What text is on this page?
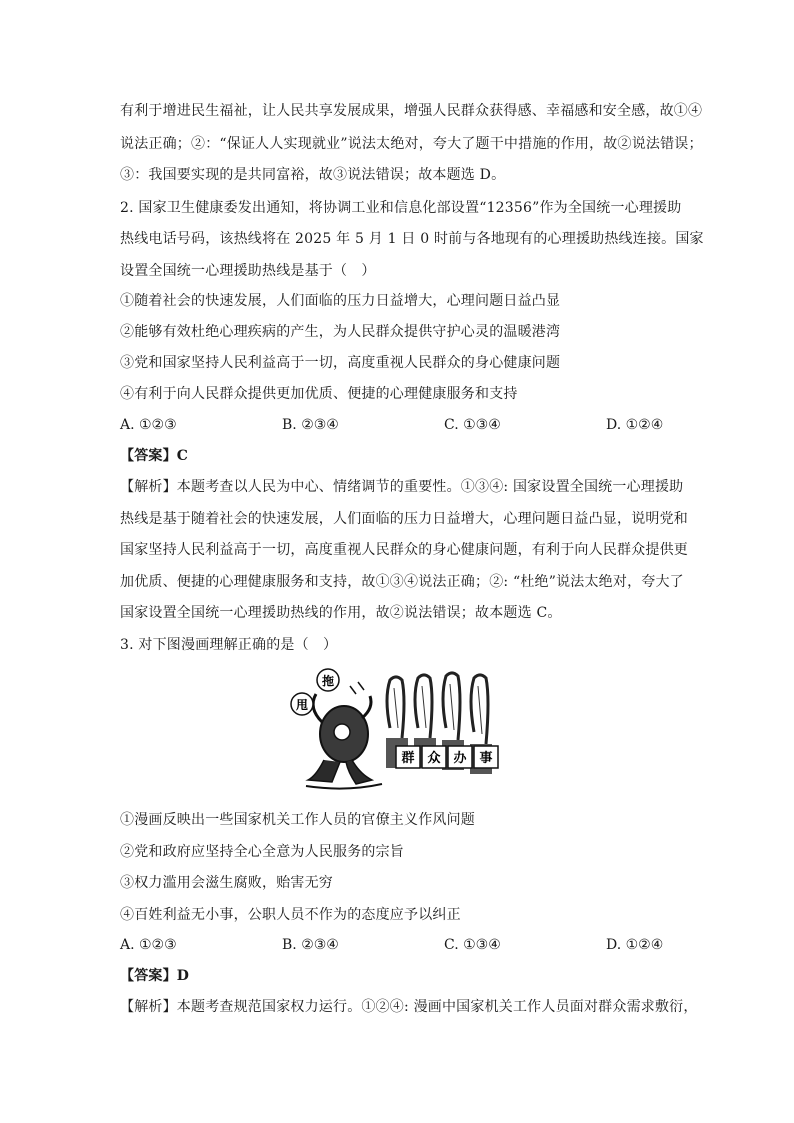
有利于增进民生福祉，让人民共享发展成果，增强人民群众获得感、幸福感和安全感，故①④
说法正确；②：“保证人人实现就业”说法太绝对，夸大了题干中措施的作用，故②说法错误；
③：我国要实现的是共同富裕，故③说法错误；故本题选 D。
2. 国家卫生健康委发出通知，将协调工业和信息化部设置“12356”作为全国统一心理援助
热线电话号码，该热线将在 2025 年 5 月 1 日 0 时前与各地现有的心理援助热线连接。国家
设置全国统一心理援助热线是基于（　）
①随着社会的快速发展，人们面临的压力日益增大，心理问题日益凸显
②能够有效杜绝心理疾病的产生，为人民群众提供守护心灵的温暖港湾
③党和国家坚持人民利益高于一切，高度重视人民群众的身心健康问题
④有利于向人民群众提供更加优质、便捷的心理健康服务和支持
A. ①②③	B. ②③④	C. ①③④	D. ①②④
【答案】C
【解析】本题考查以人民为中心、情绪调节的重要性。①③④: 国家设置全国统一心理援助
热线是基于随着社会的快速发展，人们面临的压力日益增大，心理问题日益凸显，说明党和
国家坚持人民利益高于一切，高度重视人民群众的身心健康问题，有利于向人民群众提供更
加优质、便捷的心理健康服务和支持，故①③④说法正确；②: “杜绝”说法太绝对，夸大了
国家设置全国统一心理援助热线的作用，故②说法错误；故本题选 C。
3. 对下图漫画理解正确的是（　）
群 众 办 事
拖
甩
①漫画反映出一些国家机关工作人员的官僚主义作风问题
②党和政府应坚持全心全意为人民服务的宗旨
③权力滥用会滋生腐败，贻害无穷
④百姓利益无小事，公职人员不作为的态度应予以纠正
A. ①②③	B. ②③④	C. ①③④	D. ①②④
【答案】D
【解析】本题考查规范国家权力运行。①②④: 漫画中国家机关工作人员面对群众需求敷衍，
